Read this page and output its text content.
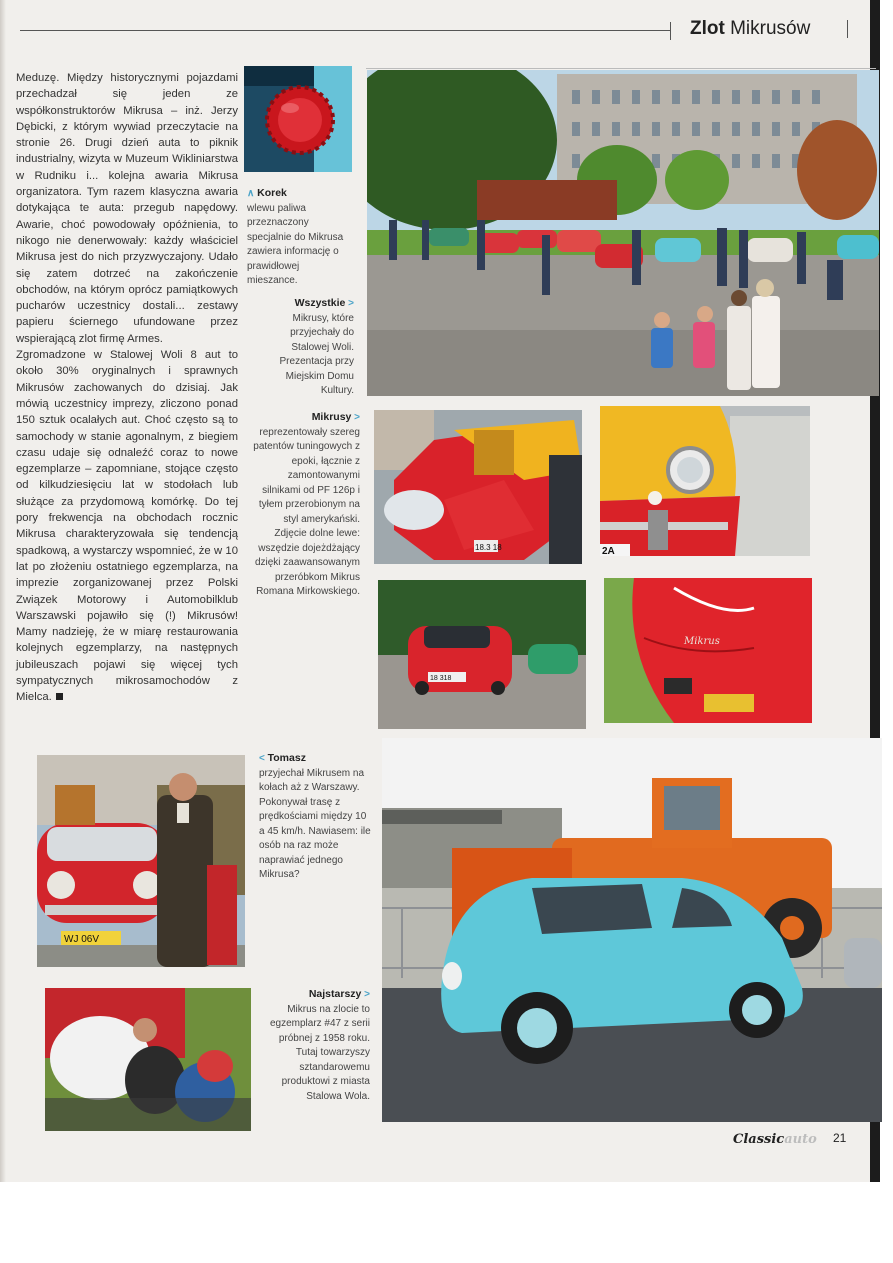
Zlot Mikrusów

Meduzę. Między historycznymi pojazdami przechadzał się jeden ze współkonstruktorów Mikrusa – inż. Jerzy Dębicki, z którym wywiad przeczytacie na stronie 26. Drugi dzień auta to piknik industrialny, wizyta w Muzeum Wikliniarstwa w Rudniku i... kolejna awaria Mikrusa organizatora. Tym razem klasyczna awaria dotykająca te auta: przegub napędowy. Awarie, choć powodowały opóźnienia, to nikogo nie denerwowały: każdy właściciel Mikrusa jest do nich przyzwyczajony. Udało się zatem dotrzeć na zakończenie obchodów, na którym oprócz pamiątkowych pucharów uczestnicy dostali... zestawy papieru ściernego ufundowane przez wspierającą zlot firmę Armes.

Zgromadzone w Stalowej Woli 8 aut to około 30% oryginalnych i sprawnych Mikrusów zachowanych do dzisiaj. Jak mówią uczestnicy imprezy, zliczono ponad 150 sztuk ocalałych aut. Choć często są to samochody w stanie agonalnym, z biegiem czasu udaje się odnaleźć coraz to nowe egzemplarze – zapomniane, stojące często od kilkudziesięciu lat w stodołach lub służące za przydomową komórkę. Do tej pory frekwencja na obchodach rocznic Mikrusa charakteryzowała się tendencją spadkową, a wystarczy wspomnieć, że w 10 lat po złożeniu ostatniego egzemplarza, na imprezie zorganizowanej przez Polski Związek Motorowy i Automobilklub Warszawski pojawiło się (!) Mikrusów! Mamy nadzieję, że w miarę restaurowania kolejnych egzemplarzy, na następnych jubileuszach pojawi się więcej tych sympatycznych mikrosamochodów z Mielca.

18.3 18	2A
18 318
Mikrus
WJ 06V
∧ Korek
wlewu paliwa przeznaczony specjalnie do Mikrusa zawiera informację o prawidłowej mieszance.
Wszystkie >
Mikrusy, które przyjechały do Stalowej Woli. Prezentacja przy Miejskim Domu Kultury.
Mikrusy >
reprezentowały szereg patentów tuningowych z epoki, łącznie z zamontowanymi silnikami od PF 126p i tyłem przerobionym na styl amerykański. Zdjęcie dolne lewe: wszędzie dojeżdżający dzięki zaawansowanym przeróbkom Mikrus Romana Mirkowskiego.
< Tomasz
przyjechał Mikrusem na kołach aż z Warszawy. Pokonywał trasę z prędkościami między 10 a 45 km/h. Nawiasem: ile osób na raz może naprawiać jednego Mikrusa?
Najstarszy >
Mikrus na zlocie to egzemplarz #47 z serii próbnej z 1958 roku. Tutaj towarzyszy sztandarowemu produktowi z miasta Stalowa Wola.
Classicauto 21
